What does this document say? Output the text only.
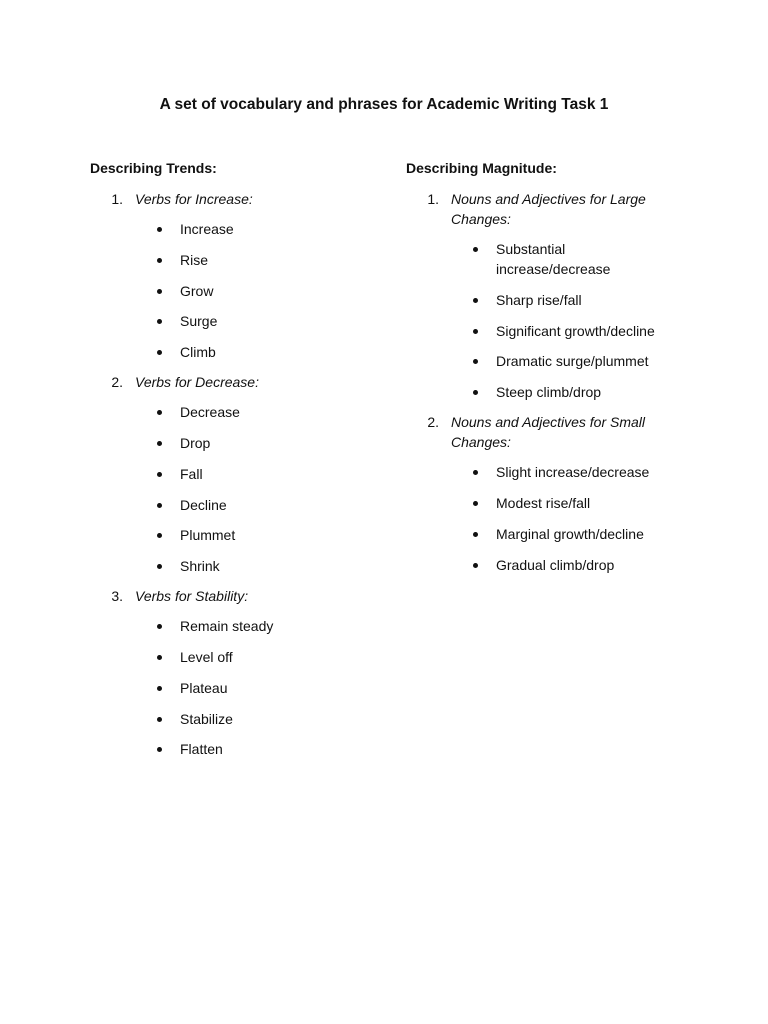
A set of vocabulary and phrases for Academic Writing Task 1
Describing Trends:
1. Verbs for Increase:
Increase
Rise
Grow
Surge
Climb
2. Verbs for Decrease:
Decrease
Drop
Fall
Decline
Plummet
Shrink
3. Verbs for Stability:
Remain steady
Level off
Plateau
Stabilize
Flatten
Describing Magnitude:
1. Nouns and Adjectives for Large Changes:
Substantial increase/decrease
Sharp rise/fall
Significant growth/decline
Dramatic surge/plummet
Steep climb/drop
2. Nouns and Adjectives for Small Changes:
Slight increase/decrease
Modest rise/fall
Marginal growth/decline
Gradual climb/drop
